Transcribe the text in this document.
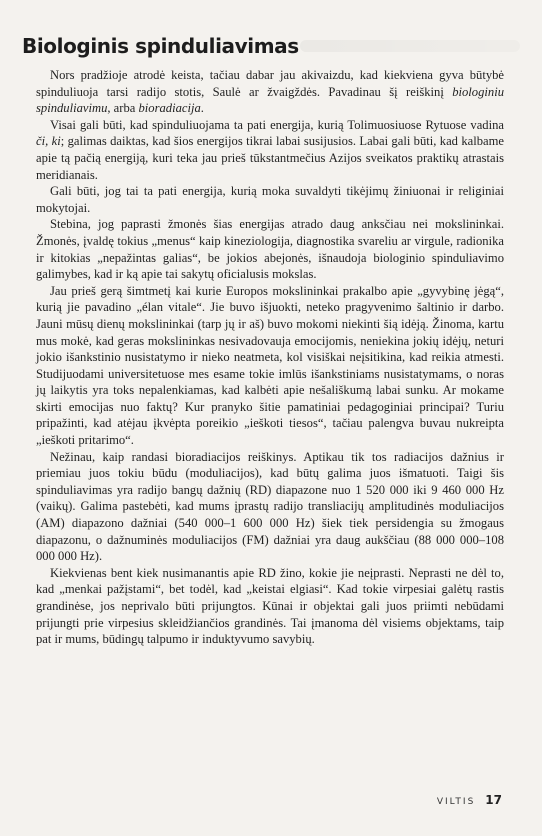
Biologinis spinduliavimas

Nors pradžioje atrodė keista, tačiau dabar jau akivaizdu, kad kiekviena gyva būtybė spinduliuoja tarsi radijo stotis, Saulė ar žvaigždės. Pavadinau šį reiškinį biologiniu spinduliavimu, arba bioradiacija.

Visai gali būti, kad spinduliuojama ta pati energija, kurią Tolimuosiuose Rytuose vadina či, ki; galimas daiktas, kad šios energijos tikrai labai susijusios. Labai gali būti, kad kalbame apie tą pačią energiją, kuri teka jau prieš tūkstantmečius Azijos sveikatos praktikų atrastais meridianais.

Gali būti, jog tai ta pati energija, kurią moka suvaldyti tikėjimų žiniuonai ir religiniai mokytojai.

Stebina, jog paprasti žmonės šias energijas atrado daug anksčiau nei mokslininkai. Žmonės, įvaldę tokius „menus“ kaip kineziologija, diagnostika svareliu ar virgule, radionika ir kitokias „nepažintas galias“, be jokios abejonės, išnaudoja biologinio spinduliavimo galimybes, kad ir ką apie tai sakytų oficialusis mokslas.

Jau prieš gerą šimtmetį kai kurie Europos mokslininkai prakalbo apie „gyvybinę jėgą“, kurią jie pavadino „élan vitale“. Jie buvo išjuokti, neteko pragyvenimo šaltinio ir darbo. Jauni mūsų dienų mokslininkai (tarp jų ir aš) buvo mokomi niekinti šią idėją. Žinoma, kartu mus mokė, kad geras mokslininkas nesivadovauja emocijomis, neniekina jokių idėjų, neturi jokio išankstinio nusistatymo ir nieko neatmeta, kol visiškai neįsitikina, kad reikia atmesti. Studijuodami universitetuose mes esame tokie imlūs išankstiniams nusistatymams, o noras jų laikytis yra toks nepalenkiamas, kad kalbėti apie nešališkumą labai sunku. Ar mokame skirti emocijas nuo faktų? Kur pranyko šitie pamatiniai pedagoginiai principai? Turiu pripažinti, kad atėjau įkvėpta poreikio „ieškoti tiesos“, tačiau palengva buvau nukreipta „ieškoti pritarimo“.

Nežinau, kaip randasi bioradiacijos reiškinys. Aptikau tik tos radiacijos dažnius ir priemiau juos tokiu būdu (moduliacijos), kad būtų galima juos išmatuoti. Taigi šis spinduliavimas yra radijo bangų dažnių (RD) diapazone nuo 1 520 000 iki 9 460 000 Hz (vaikų). Galima pastebėti, kad mums įprastų radijo transliacijų amplitudinės moduliacijos (AM) diapazono dažniai (540 000–1 600 000 Hz) šiek tiek persidengia su žmogaus diapazonu, o dažnuminės moduliacijos (FM) dažniai yra daug aukščiau (88 000 000–108 000 000 Hz).

Kiekvienas bent kiek nusimanantis apie RD žino, kokie jie neįprasti. Neprasti ne dėl to, kad „menkai pažįstami“, bet todėl, kad „keistai elgiasi“. Kad tokie virpesiai galėtų rastis grandinėse, jos neprivalo būti prijungtos. Kūnai ir objektai gali juos priimti nebūdami prijungti prie virpesius skleidžiančios grandinės. Tai įmanoma dėl visiems objektams, taip pat ir mums, būdingų talpumo ir induktyvumo savybių.

VILTIS 17
